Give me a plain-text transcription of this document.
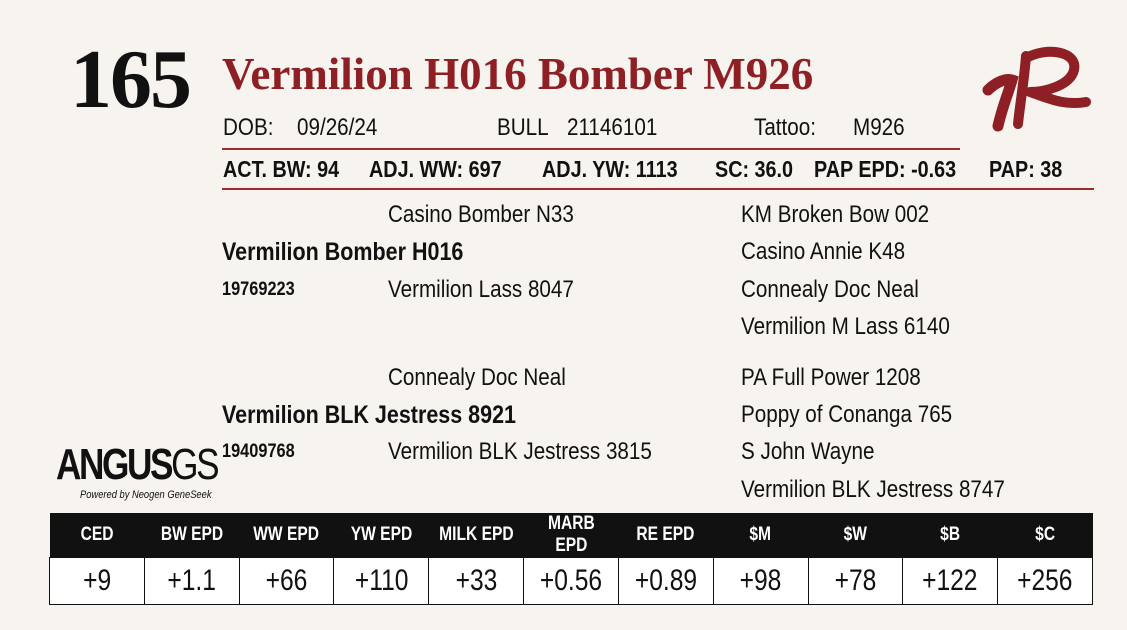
165 Vermilion H016 Bomber M926
DOB: 09/26/24	BULL 21146101	Tattoo: M926
ACT. BW: 94 ADJ. WW: 697 ADJ. YW: 1113 SC: 36.0 PAP EPD: -0.63 PAP: 38
Casino Bomber N33
Vermilion Bomber H016
19769223	Vermilion Lass 8047
KM Broken Bow 002
Casino Annie K48
Connealy Doc Neal
Vermilion M Lass 6140
Connealy Doc Neal
Vermilion BLK Jestress 8921
19409768	Vermilion BLK Jestress 3815
PA Full Power 1208
Poppy of Conanga 765
S John Wayne
Vermilion BLK Jestress 8747
ANGUSGS
Powered by Neogen GeneSeek
CED	BW EPD	WW EPD	YW EPD	MILK EPD	MARB EPD	RE EPD	$M	$W	$B	$C
+9	+1.1	+66	+110	+33	+0.56	+0.89	+98	+78	+122	+256
